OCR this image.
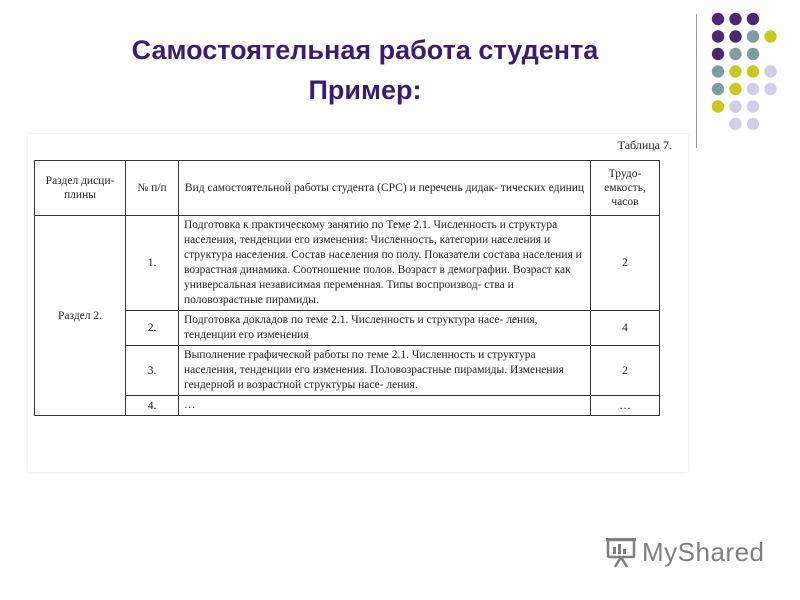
Самостоятельная работа студента
Пример:
Таблица 7.
Раздел дисци- плины	№ п/п	Вид самостоятельной работы студента (СРС) и перечень дидак- тических единиц	Трудо- емкость, часов
Раздел 2.	1.	Подготовка к практическому занятию по Теме 2.1. Численность и структура населения, тенденции его изменения: Численность, категории населения и структура населения. Состав населения по полу. Показатели состава населения и возрастная динамика. Соотношение полов. Возраст в демографии. Возраст как универсальная независимая переменная. Типы воспроизвод- ства и половозрастные пирамиды.	2
	2.	Подготовка докладов по теме 2.1. Численность и структура насе- ления, тенденции его изменения	4
	3.	Выполнение графической работы по теме 2.1. Численность и структура населения, тенденции его изменения. Половозрастные пирамиды. Изменения гендерной и возрастной структуры насе- ления.	2
	4.	…	…
MyShared
